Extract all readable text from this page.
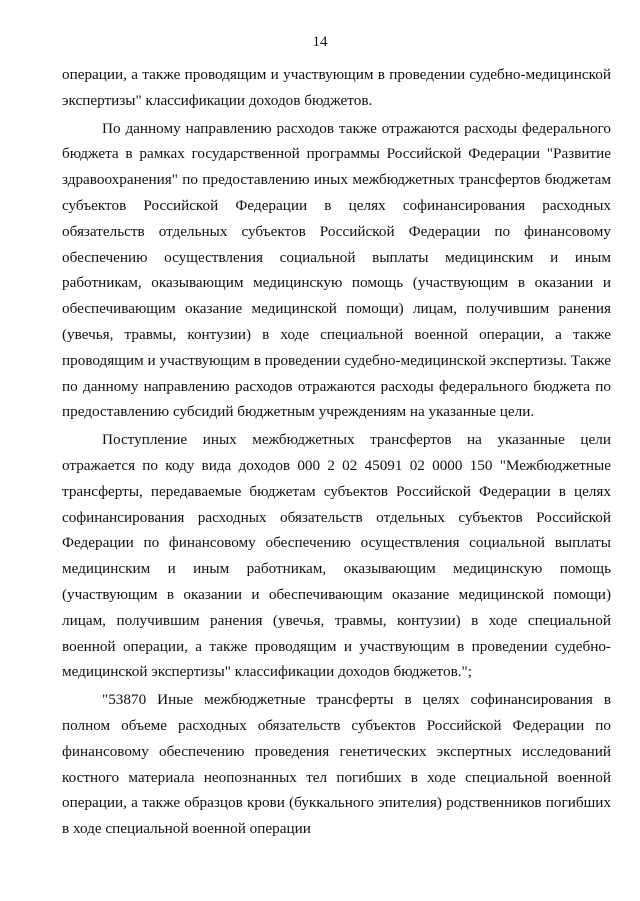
14

операции, а также проводящим и участвующим в проведении судебно-медицинской экспертизы" классификации доходов бюджетов.

По данному направлению расходов также отражаются расходы федерального бюджета в рамках государственной программы Российской Федерации "Развитие здравоохранения" по предоставлению иных межбюджетных трансфертов бюджетам субъектов Российской Федерации в целях софинансирования расходных обязательств отдельных субъектов Российской Федерации по финансовому обеспечению осуществления социальной выплаты медицинским и иным работникам, оказывающим медицинскую помощь (участвующим в оказании и обеспечивающим оказание медицинской помощи) лицам, получившим ранения (увечья, травмы, контузии) в ходе специальной военной операции, а также проводящим и участвующим в проведении судебно-медицинской экспертизы. Также по данному направлению расходов отражаются расходы федерального бюджета по предоставлению субсидий бюджетным учреждениям на указанные цели.

Поступление иных межбюджетных трансфертов на указанные цели отражается по коду вида доходов 000 2 02 45091 02 0000 150 "Межбюджетные трансферты, передаваемые бюджетам субъектов Российской Федерации в целях софинансирования расходных обязательств отдельных субъектов Российской Федерации по финансовому обеспечению осуществления социальной выплаты медицинским и иным работникам, оказывающим медицинскую помощь (участвующим в оказании и обеспечивающим оказание медицинской помощи) лицам, получившим ранения (увечья, травмы, контузии) в ходе специальной военной операции, а также проводящим и участвующим в проведении судебно-медицинской экспертизы" классификации доходов бюджетов.";

"53870 Иные межбюджетные трансферты в целях софинансирования в полном объеме расходных обязательств субъектов Российской Федерации по финансовому обеспечению проведения генетических экспертных исследований костного материала неопознанных тел погибших в ходе специальной военной операции, а также образцов крови (буккального эпителия) родственников погибших в ходе специальной военной операции
